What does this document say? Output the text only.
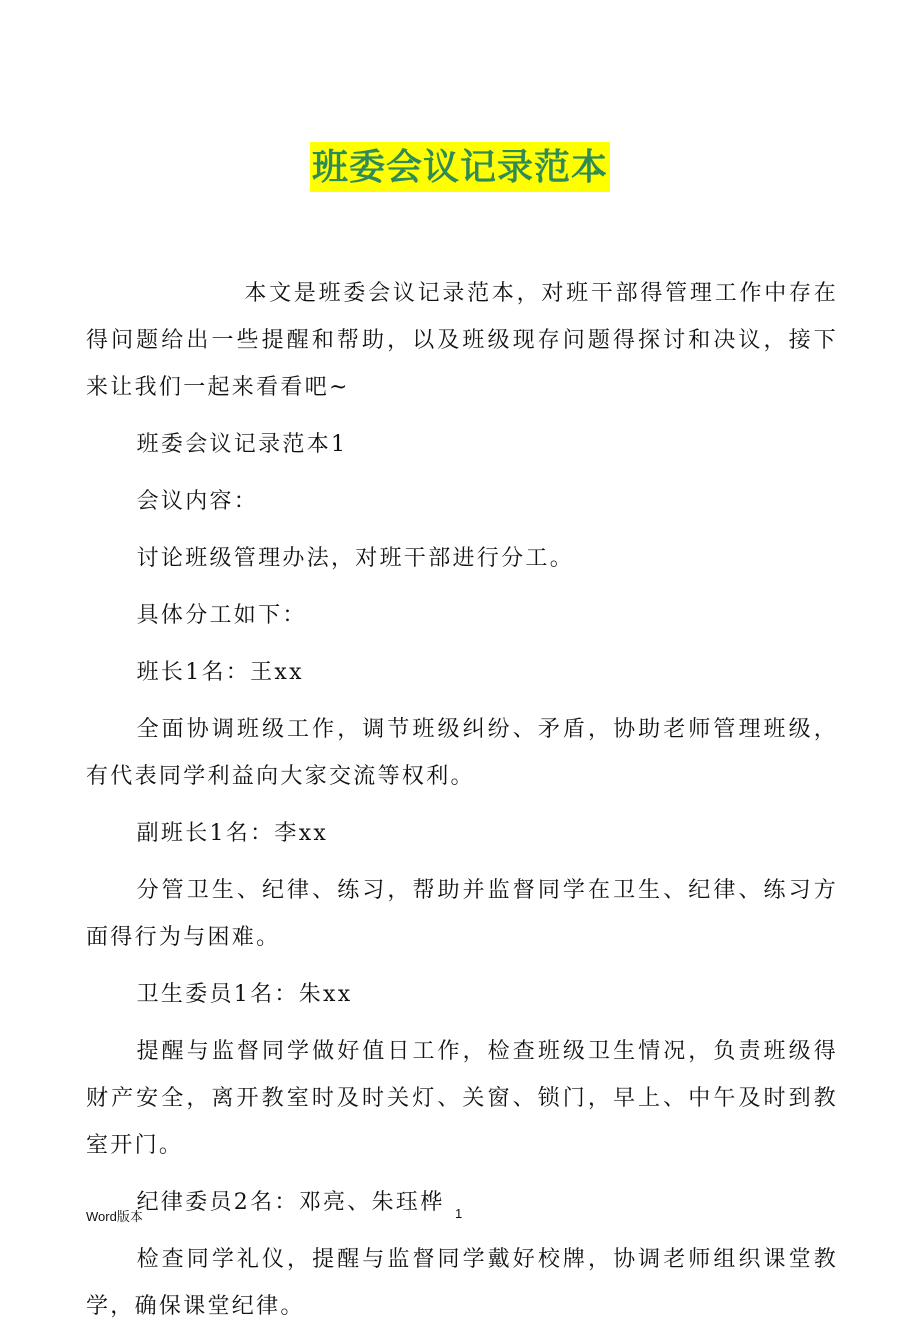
班委会议记录范本

本文是班委会议记录范本，对班干部得管理工作中存在得问题给出一些提醒和帮助，以及班级现存问题得探讨和决议，接下来让我们一起来看看吧~

班委会议记录范本1

会议内容：

讨论班级管理办法，对班干部进行分工。

具体分工如下：

班长1名：王xx

全面协调班级工作，调节班级纠纷、矛盾，协助老师管理班级，有代表同学利益向大家交流等权利。

副班长1名：李xx

分管卫生、纪律、练习，帮助并监督同学在卫生、纪律、练习方面得行为与困难。

卫生委员1名：朱xx

提醒与监督同学做好值日工作，检查班级卫生情况，负责班级得财产安全，离开教室时及时关灯、关窗、锁门，早上、中午及时到教室开门。

纪律委员2名：邓亮、朱珏桦

检查同学礼仪，提醒与监督同学戴好校牌，协调老师组织课堂教学，确保课堂纪律。

Word版本	1
